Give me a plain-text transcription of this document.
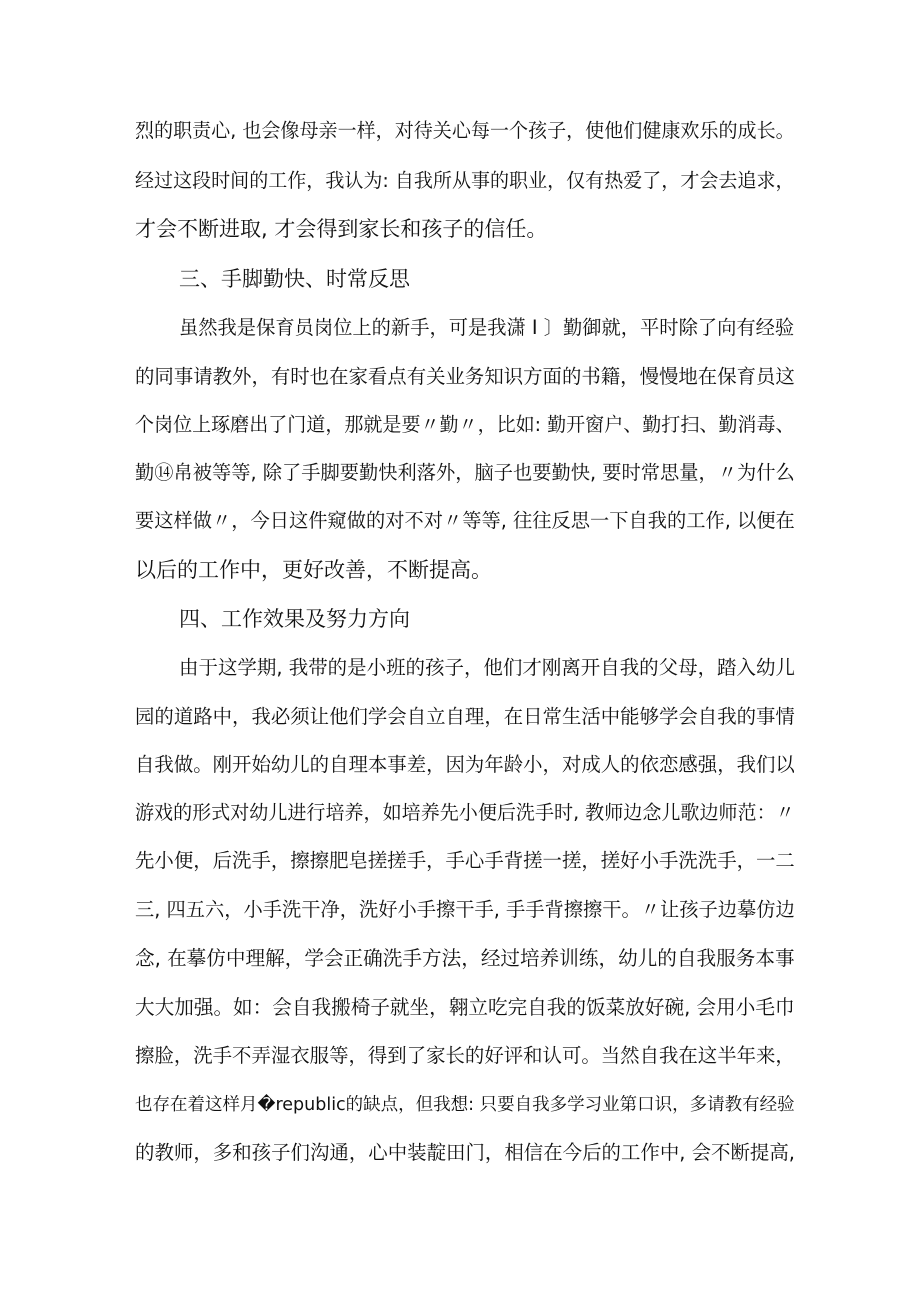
烈的职责心, 也会像母亲一样，对待关心每一个孩子，使他们健康欢乐的成长。
经过这段时间的工作，我认为: 自我所从事的职业，仅有热爱了，才会去追求，
才会不断进取, 才会得到家长和孩子的信任。
三、手脚勤快、时常反思
虽然我是保育员岗位上的新手，可是我潇 I 〕勤御就，平时除了向有经验
的同事请教外，有时也在家看点有关业务知识方面的书籍，慢慢地在保育员这
个岗位上琢磨出了门道，那就是要〃勤〃，比如: 勤开窗户、勤打扫、勤消毒、
勤⑭帛被等等, 除了手脚要勤快利落外，脑子也要勤快, 要时常思量，〃为什么
要这样做〃，今日这件窥做的对不对〃等等, 往往反思一下自我的工作, 以便在
以后的工作中，更好改善，不断提高。
四、工作效果及努力方向
由于这学期, 我带的是小班的孩子，他们才刚离开自我的父母，踏入幼儿
园的道路中，我必须让他们学会自立自理，在日常生活中能够学会自我的事情
自我做。刚开始幼儿的自理本事差，因为年龄小，对成人的依恋感强，我们以
游戏的形式对幼儿进行培养，如培养先小便后洗手时, 教师边念儿歌边师范：〃
先小便，后洗手，擦擦肥皂搓搓手，手心手背搓一搓，搓好小手洗洗手，一二
三, 四五六，小手洗干净，洗好小手擦干手, 手手背擦擦干。〃让孩子边摹仿边
念, 在摹仿中理解，学会正确洗手方法，经过培养训练，幼儿的自我服务本事
大大加强。如：会自我搬椅子就坐，翱立吃完自我的饭菜放好碗, 会用小毛巾
擦脸，洗手不弄湿衣服等，得到了家长的好评和认可。当然自我在这半年来，
也存在着这样月�republic的缺点，但我想: 只要自我多学习业第口识，多请教有经验
的教师，多和孩子们沟通，心中装靛田门，相信在今后的工作中, 会不断提高,
